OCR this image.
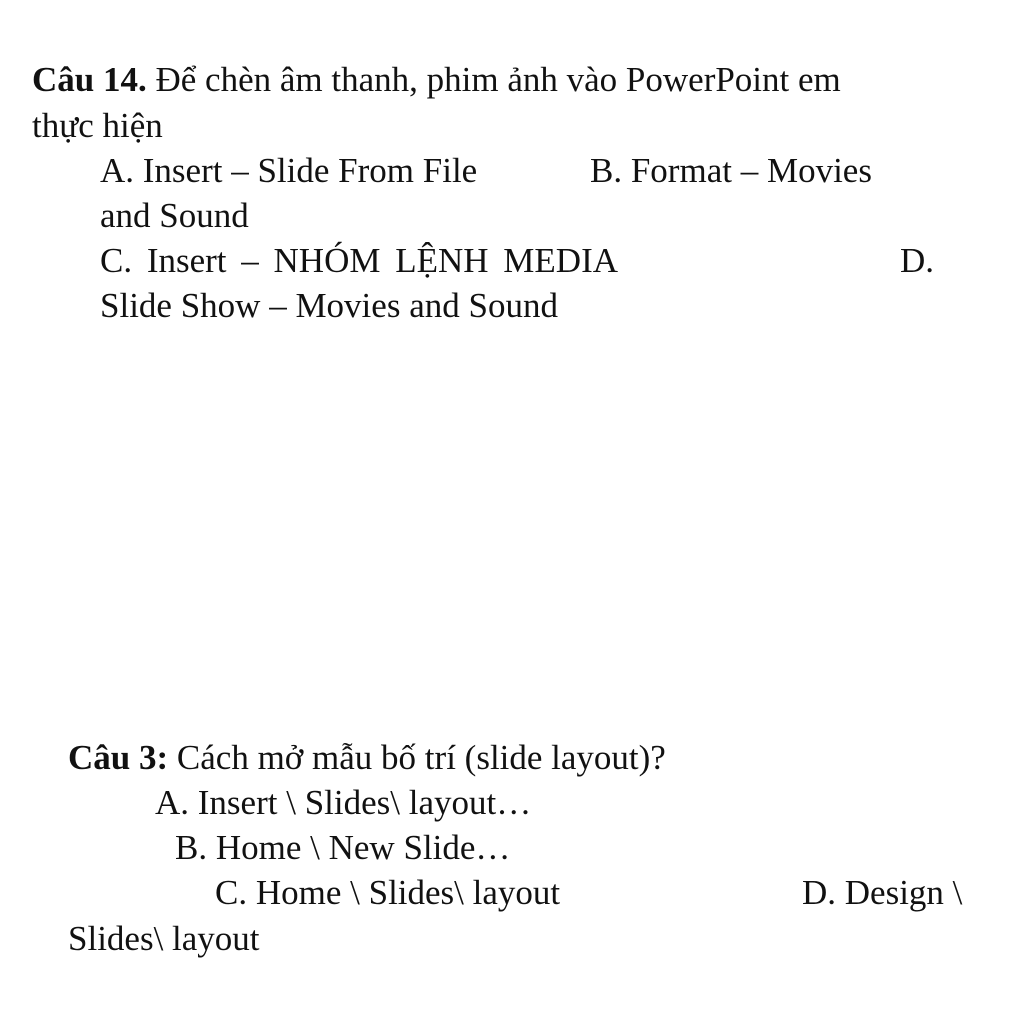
Câu 14. Để chèn âm thanh, phim ảnh vào PowerPoint em
thực hiện
A. Insert – Slide From File	B. Format – Movies
and Sound
C. Insert – NHÓM LỆNH MEDIA	D.
Slide Show – Movies and Sound
Câu 3: Cách mở mẫu bố trí (slide layout)?
A. Insert \ Slides\ layout…
B. Home \ New Slide…
C. Home \ Slides\ layout	D. Design \
Slides\ layout
